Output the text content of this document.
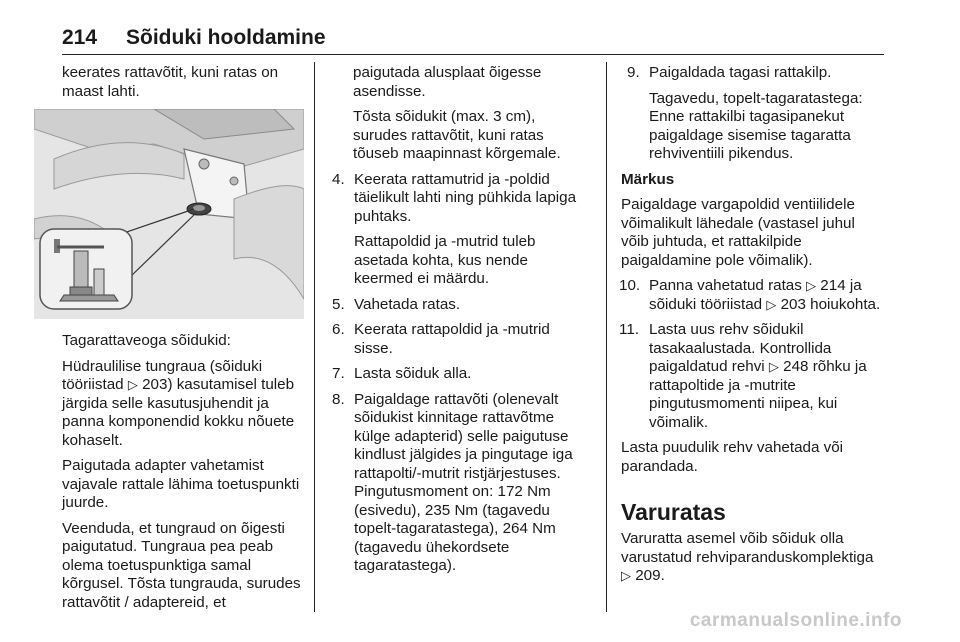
214 Sõiduki hooldamine

keerates rattavõtit, kuni ratas on maast lahti.

Tagarattaveoga sõidukid:

Hüdraulilise tungraua (sõiduki tööriistad ▷ 203) kasutamisel tuleb järgida selle kasutusjuhendit ja panna komponendid kokku nõuete kohaselt.

Paigutada adapter vahetamist vajavale rattale lähima toetuspunkti juurde.

Veenduda, et tungraud on õigesti paigutatud. Tungraua pea peab olema toetuspunktiga samal kõrgusel. Tõsta tungrauda, surudes rattavõtit / adaptereid, et

paigutada alusplaat õigesse asendisse.

Tõsta sõidukit (max. 3 cm), surudes rattavõtit, kuni ratas tõuseb maapinnast kõrgemale.

4. Keerata rattamutrid ja -poldid täielikult lahti ning pühkida lapiga puhtaks.

Rattapoldid ja -mutrid tuleb asetada kohta, kus nende keermed ei määrdu.

5. Vahetada ratas.

6. Keerata rattapoldid ja -mutrid sisse.

7. Lasta sõiduk alla.

8. Paigaldage rattavõti (olenevalt sõidukist kinnitage rattavõtme külge adapterid) selle paigutuse kindlust jälgides ja pingutage iga rattapolti/-mutrit ristjärjestuses. Pingutusmoment on: 172 Nm (esivedu), 235 Nm (tagavedu topelt-tagaratastega), 264 Nm (tagavedu ühekordsete tagaratastega).

9. Paigaldada tagasi rattakilp.

Tagavedu, topelt-tagaratastega: Enne rattakilbi tagasipanekut paigaldage sisemise tagaratta rehviventiili pikendus.

Märkus

Paigaldage vargapoldid ventiilidele võimalikult lähedale (vastasel juhul võib juhtuda, et rattakilpide paigaldamine pole võimalik).

10. Panna vahetatud ratas ▷ 214 ja sõiduki tööriistad ▷ 203 hoiukohta.

11. Lasta uus rehv sõidukil tasakaalustada. Kontrollida paigaldatud rehvi ▷ 248 rõhku ja rattapoltide ja -mutrite pingutusmomenti niipea, kui võimalik.

Lasta puudulik rehv vahetada või parandada.

Varuratas

Varuratta asemel võib sõiduk olla varustatud rehviparanduskomplektiga ▷ 209.

carmanualsonline.info
